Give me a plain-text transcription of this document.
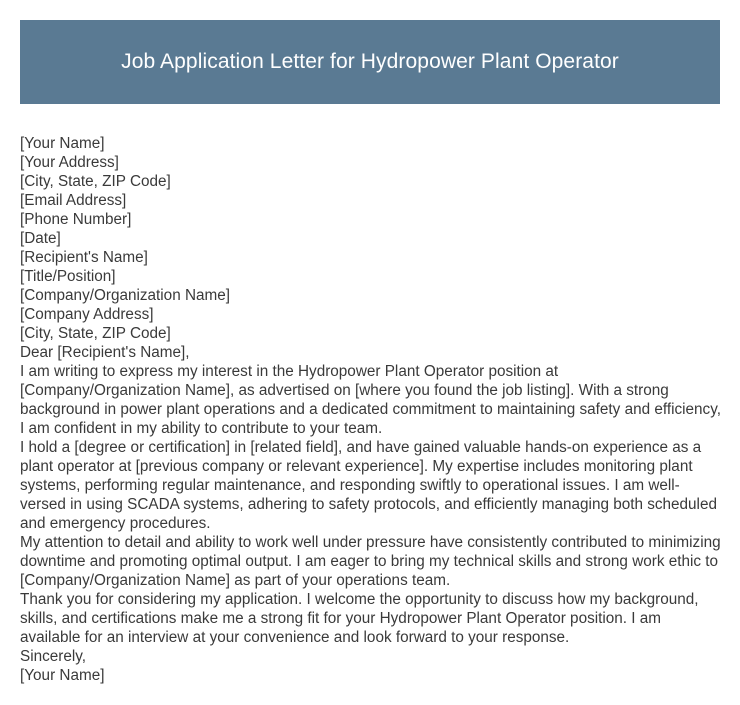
Job Application Letter for Hydropower Plant Operator
[Your Name]
[Your Address]
[City, State, ZIP Code]
[Email Address]
[Phone Number]
[Date]
[Recipient's Name]
[Title/Position]
[Company/Organization Name]
[Company Address]
[City, State, ZIP Code]
Dear [Recipient's Name],

I am writing to express my interest in the Hydropower Plant Operator position at [Company/Organization Name], as advertised on [where you found the job listing]. With a strong background in power plant operations and a dedicated commitment to maintaining safety and efficiency, I am confident in my ability to contribute to your team.

I hold a [degree or certification] in [related field], and have gained valuable hands-on experience as a plant operator at [previous company or relevant experience]. My expertise includes monitoring plant systems, performing regular maintenance, and responding swiftly to operational issues. I am well-versed in using SCADA systems, adhering to safety protocols, and efficiently managing both scheduled and emergency procedures.

My attention to detail and ability to work well under pressure have consistently contributed to minimizing downtime and promoting optimal output. I am eager to bring my technical skills and strong work ethic to [Company/Organization Name] as part of your operations team.

Thank you for considering my application. I welcome the opportunity to discuss how my background, skills, and certifications make me a strong fit for your Hydropower Plant Operator position. I am available for an interview at your convenience and look forward to your response.

Sincerely,
[Your Name]
